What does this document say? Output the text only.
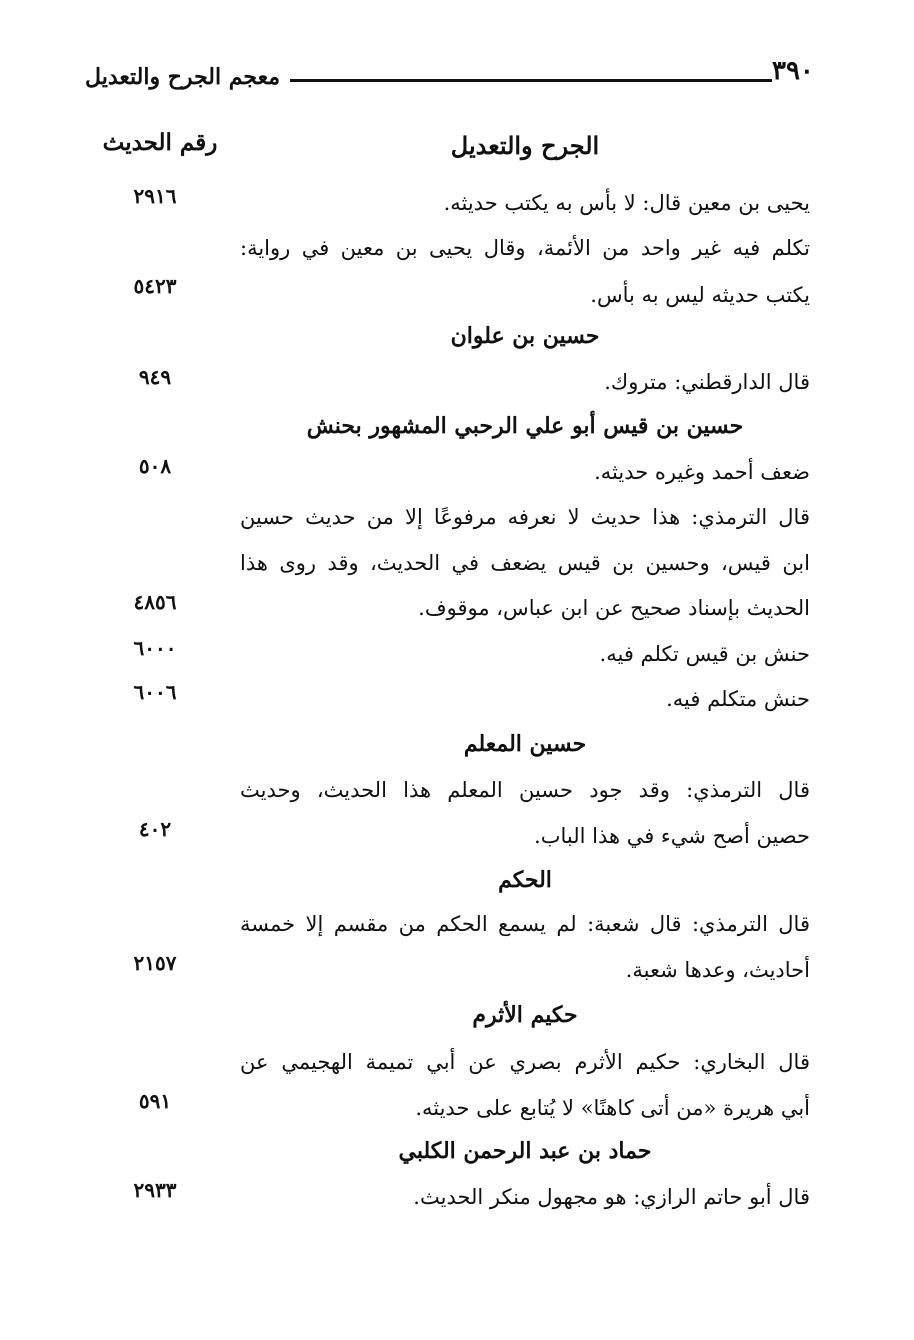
٣٩٠
معجم الجرح والتعديل
الجرح والتعديل
رقم الحديث
يحيى بن معين قال: لا بأس به يكتب حديثه.
تكلم فيه غير واحد من الأئمة، وقال يحيى بن معين في رواية:
يكتب حديثه ليس به بأس.
حسين بن علوان
قال الدارقطني: متروك.
حسين بن قيس أبو علي الرحبي المشهور بحنش
ضعف أحمد وغيره حديثه.
قال الترمذي: هذا حديث لا نعرفه مرفوعًا إلا من حديث حسين
ابن قيس، وحسين بن قيس يضعف في الحديث، وقد روى هذا
الحديث بإسناد صحيح عن ابن عباس، موقوف.
حنش بن قيس تكلم فيه.
حنش متكلم فيه.
حسين المعلم
قال الترمذي: وقد جود حسين المعلم هذا الحديث، وحديث
حصين أصح شيء في هذا الباب.
الحكم
قال الترمذي: قال شعبة: لم يسمع الحكم من مقسم إلا خمسة
أحاديث، وعدها شعبة.
حكيم الأثرم
قال البخاري: حكيم الأثرم بصري عن أبي تميمة الهجيمي عن
أبي هريرة «من أتى كاهنًا» لا يُتابع على حديثه.
حماد بن عبد الرحمن الكلبي
قال أبو حاتم الرازي: هو مجهول منكر الحديث.
٢٩١٦
٥٤٢٣
٩٤٩
٥٠٨
٤٨٥٦
٦٠٠٠
٦٠٠٦
٤٠٢
٢١٥٧
٥٩١
٢٩٣٣
